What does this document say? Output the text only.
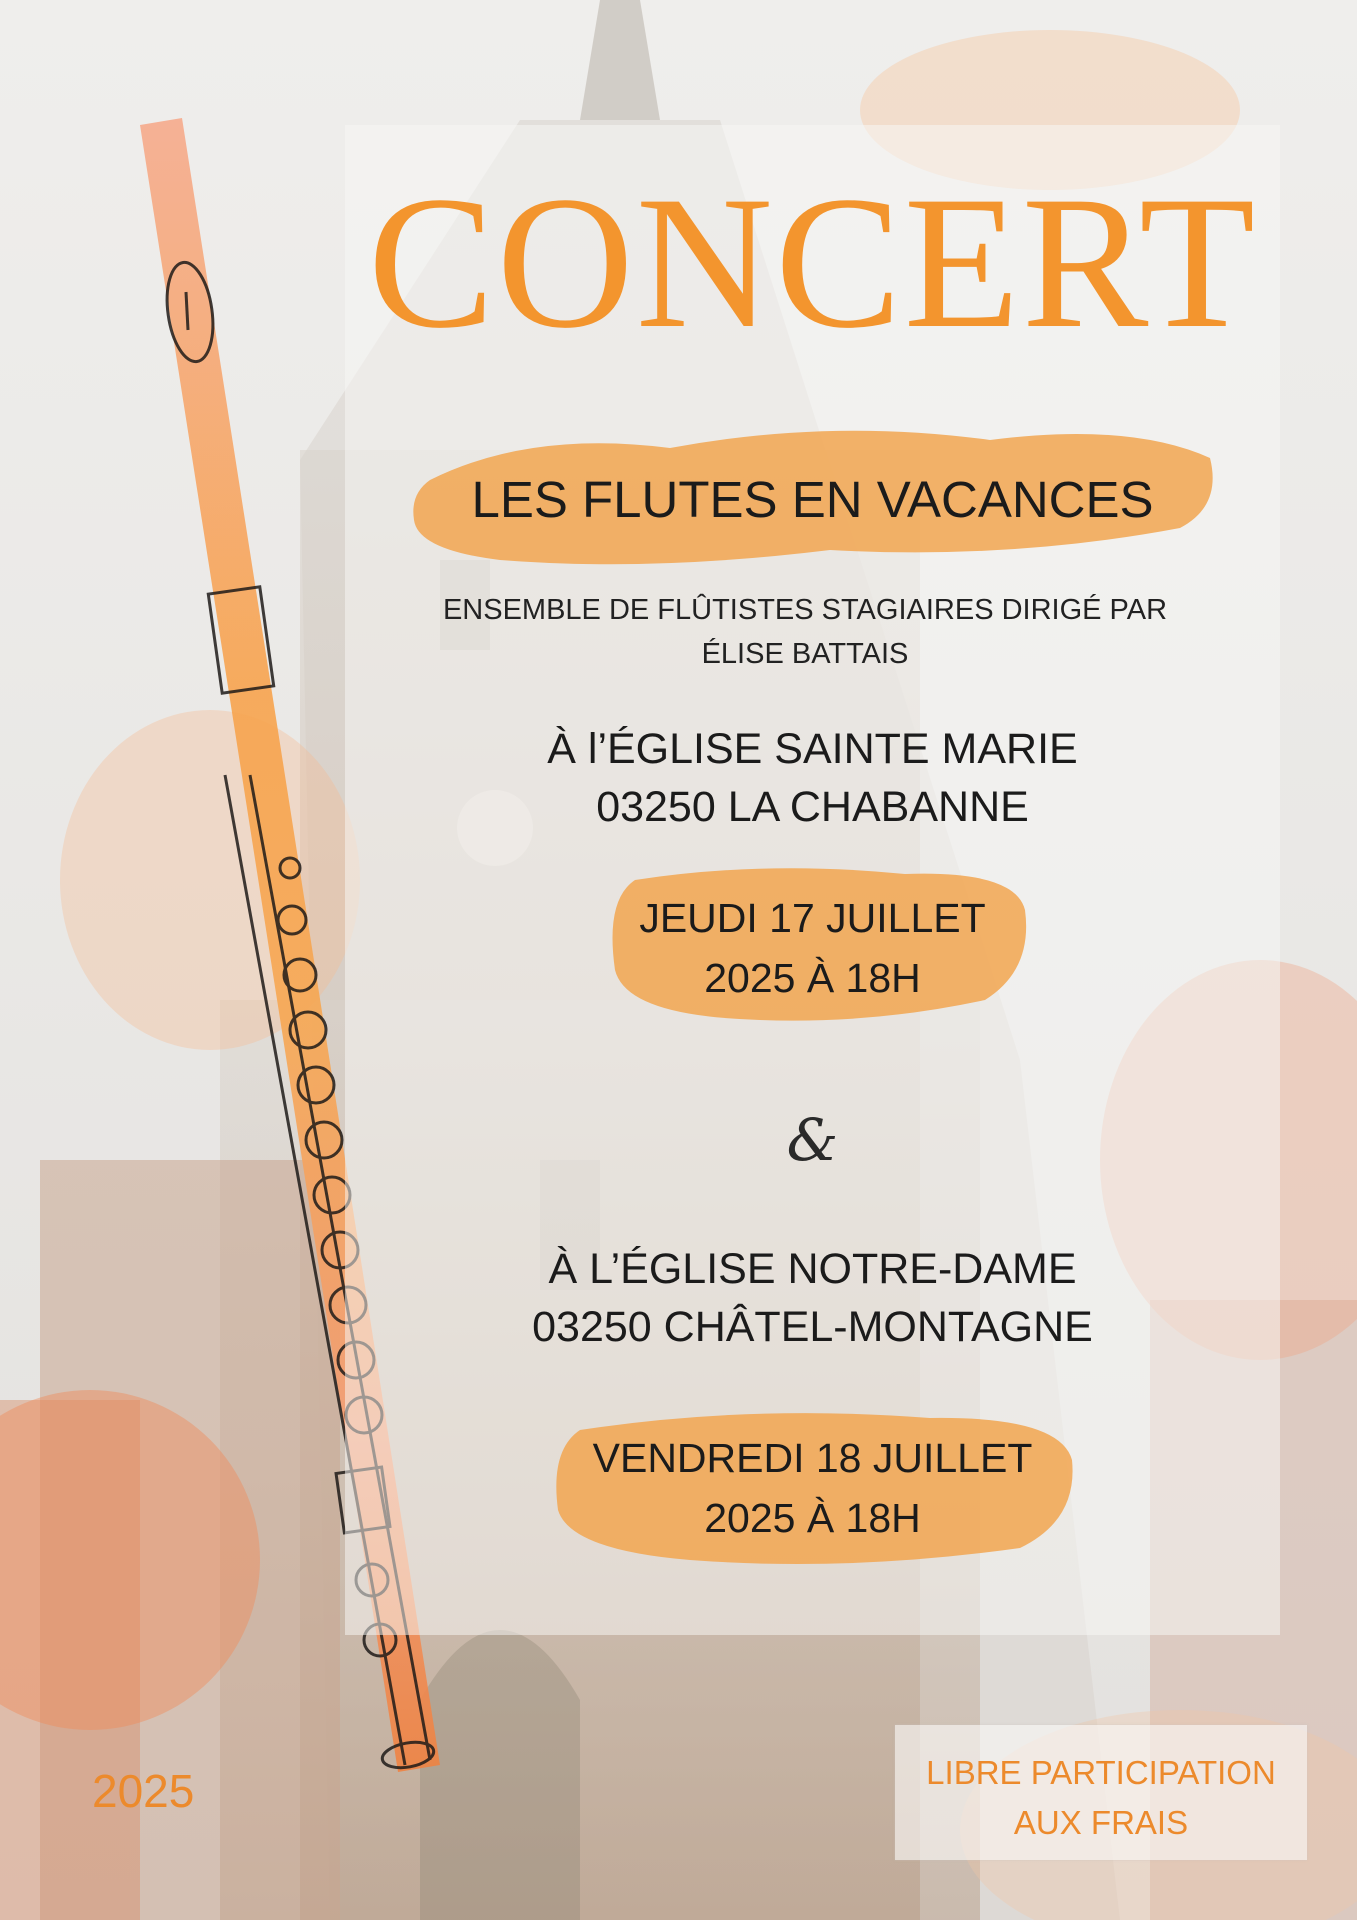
CONCERT
LES FLUTES EN VACANCES
ENSEMBLE DE FLÛTISTES STAGIAIRES DIRIGÉ PAR
ÉLISE BATTAIS
À l’ÉGLISE SAINTE MARIE
03250 LA CHABANNE
JEUDI 17 JUILLET
2025 À 18H
&
À L’ÉGLISE NOTRE-DAME
03250 CHÂTEL-MONTAGNE
VENDREDI 18 JUILLET
2025 À 18H
2025	LIBRE PARTICIPATION
AUX FRAIS
